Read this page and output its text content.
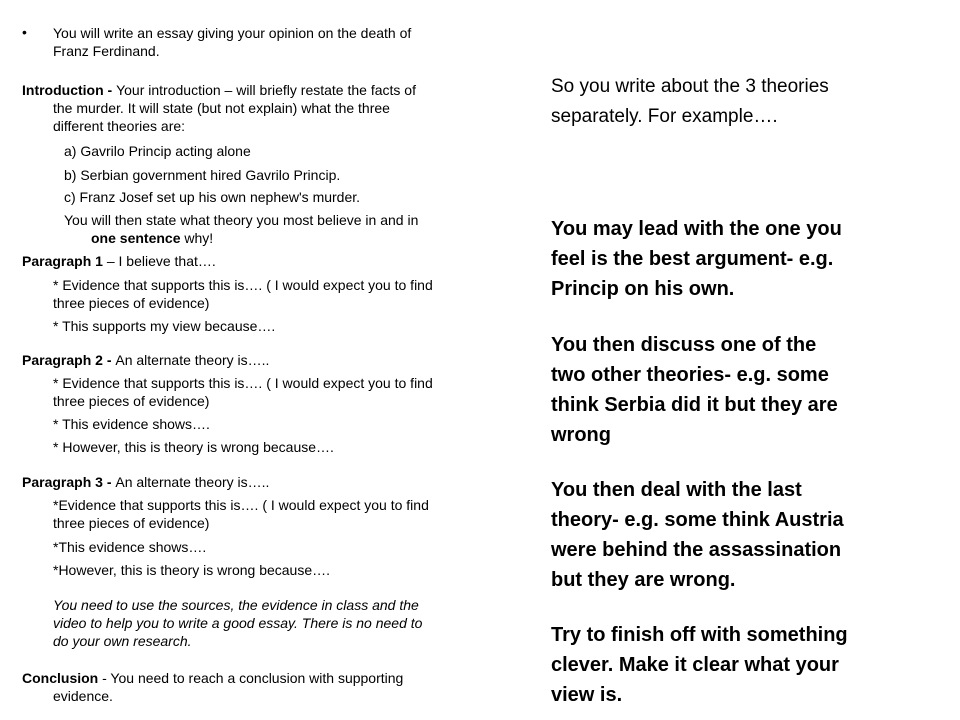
• You will write an essay giving your opinion on the death of
Franz Ferdinand.
Introduction - Your introduction – will briefly restate the facts of
the murder. It will state (but not explain) what the three
different theories are:
a) Gavrilo Princip acting alone
b) Serbian government hired Gavrilo Princip.
c) Franz Josef set up his own nephew's murder.
You will then state what theory you most believe in and in
one sentence why!
Paragraph 1 – I believe that….
* Evidence that supports this is…. ( I would expect you to find
three pieces of evidence)
* This supports my view because….
Paragraph 2 - An alternate theory is…..
* Evidence that supports this is…. ( I would expect you to find
three pieces of evidence)
* This evidence shows….
* However, this is theory is wrong because….
Paragraph 3 - An alternate theory is…..
*Evidence that supports this is…. ( I would expect you to find
three pieces of evidence)
*This evidence shows….
*However, this is theory is wrong because….
You need to use the sources, the evidence in class and the
video to help you to write a good essay. There is no need to
do your own research.
Conclusion - You need to reach a conclusion with supporting
evidence.
So you write about the 3 theories
separately. For example….
You may lead with the one you
feel is the best argument- e.g.
Princip on his own.
You then discuss one of the
two other theories- e.g. some
think Serbia did it but they are
wrong
You then deal with the last
theory- e.g. some think Austria
were behind the assassination
but they are wrong.
Try to finish off with something
clever. Make it clear what your
view is.
